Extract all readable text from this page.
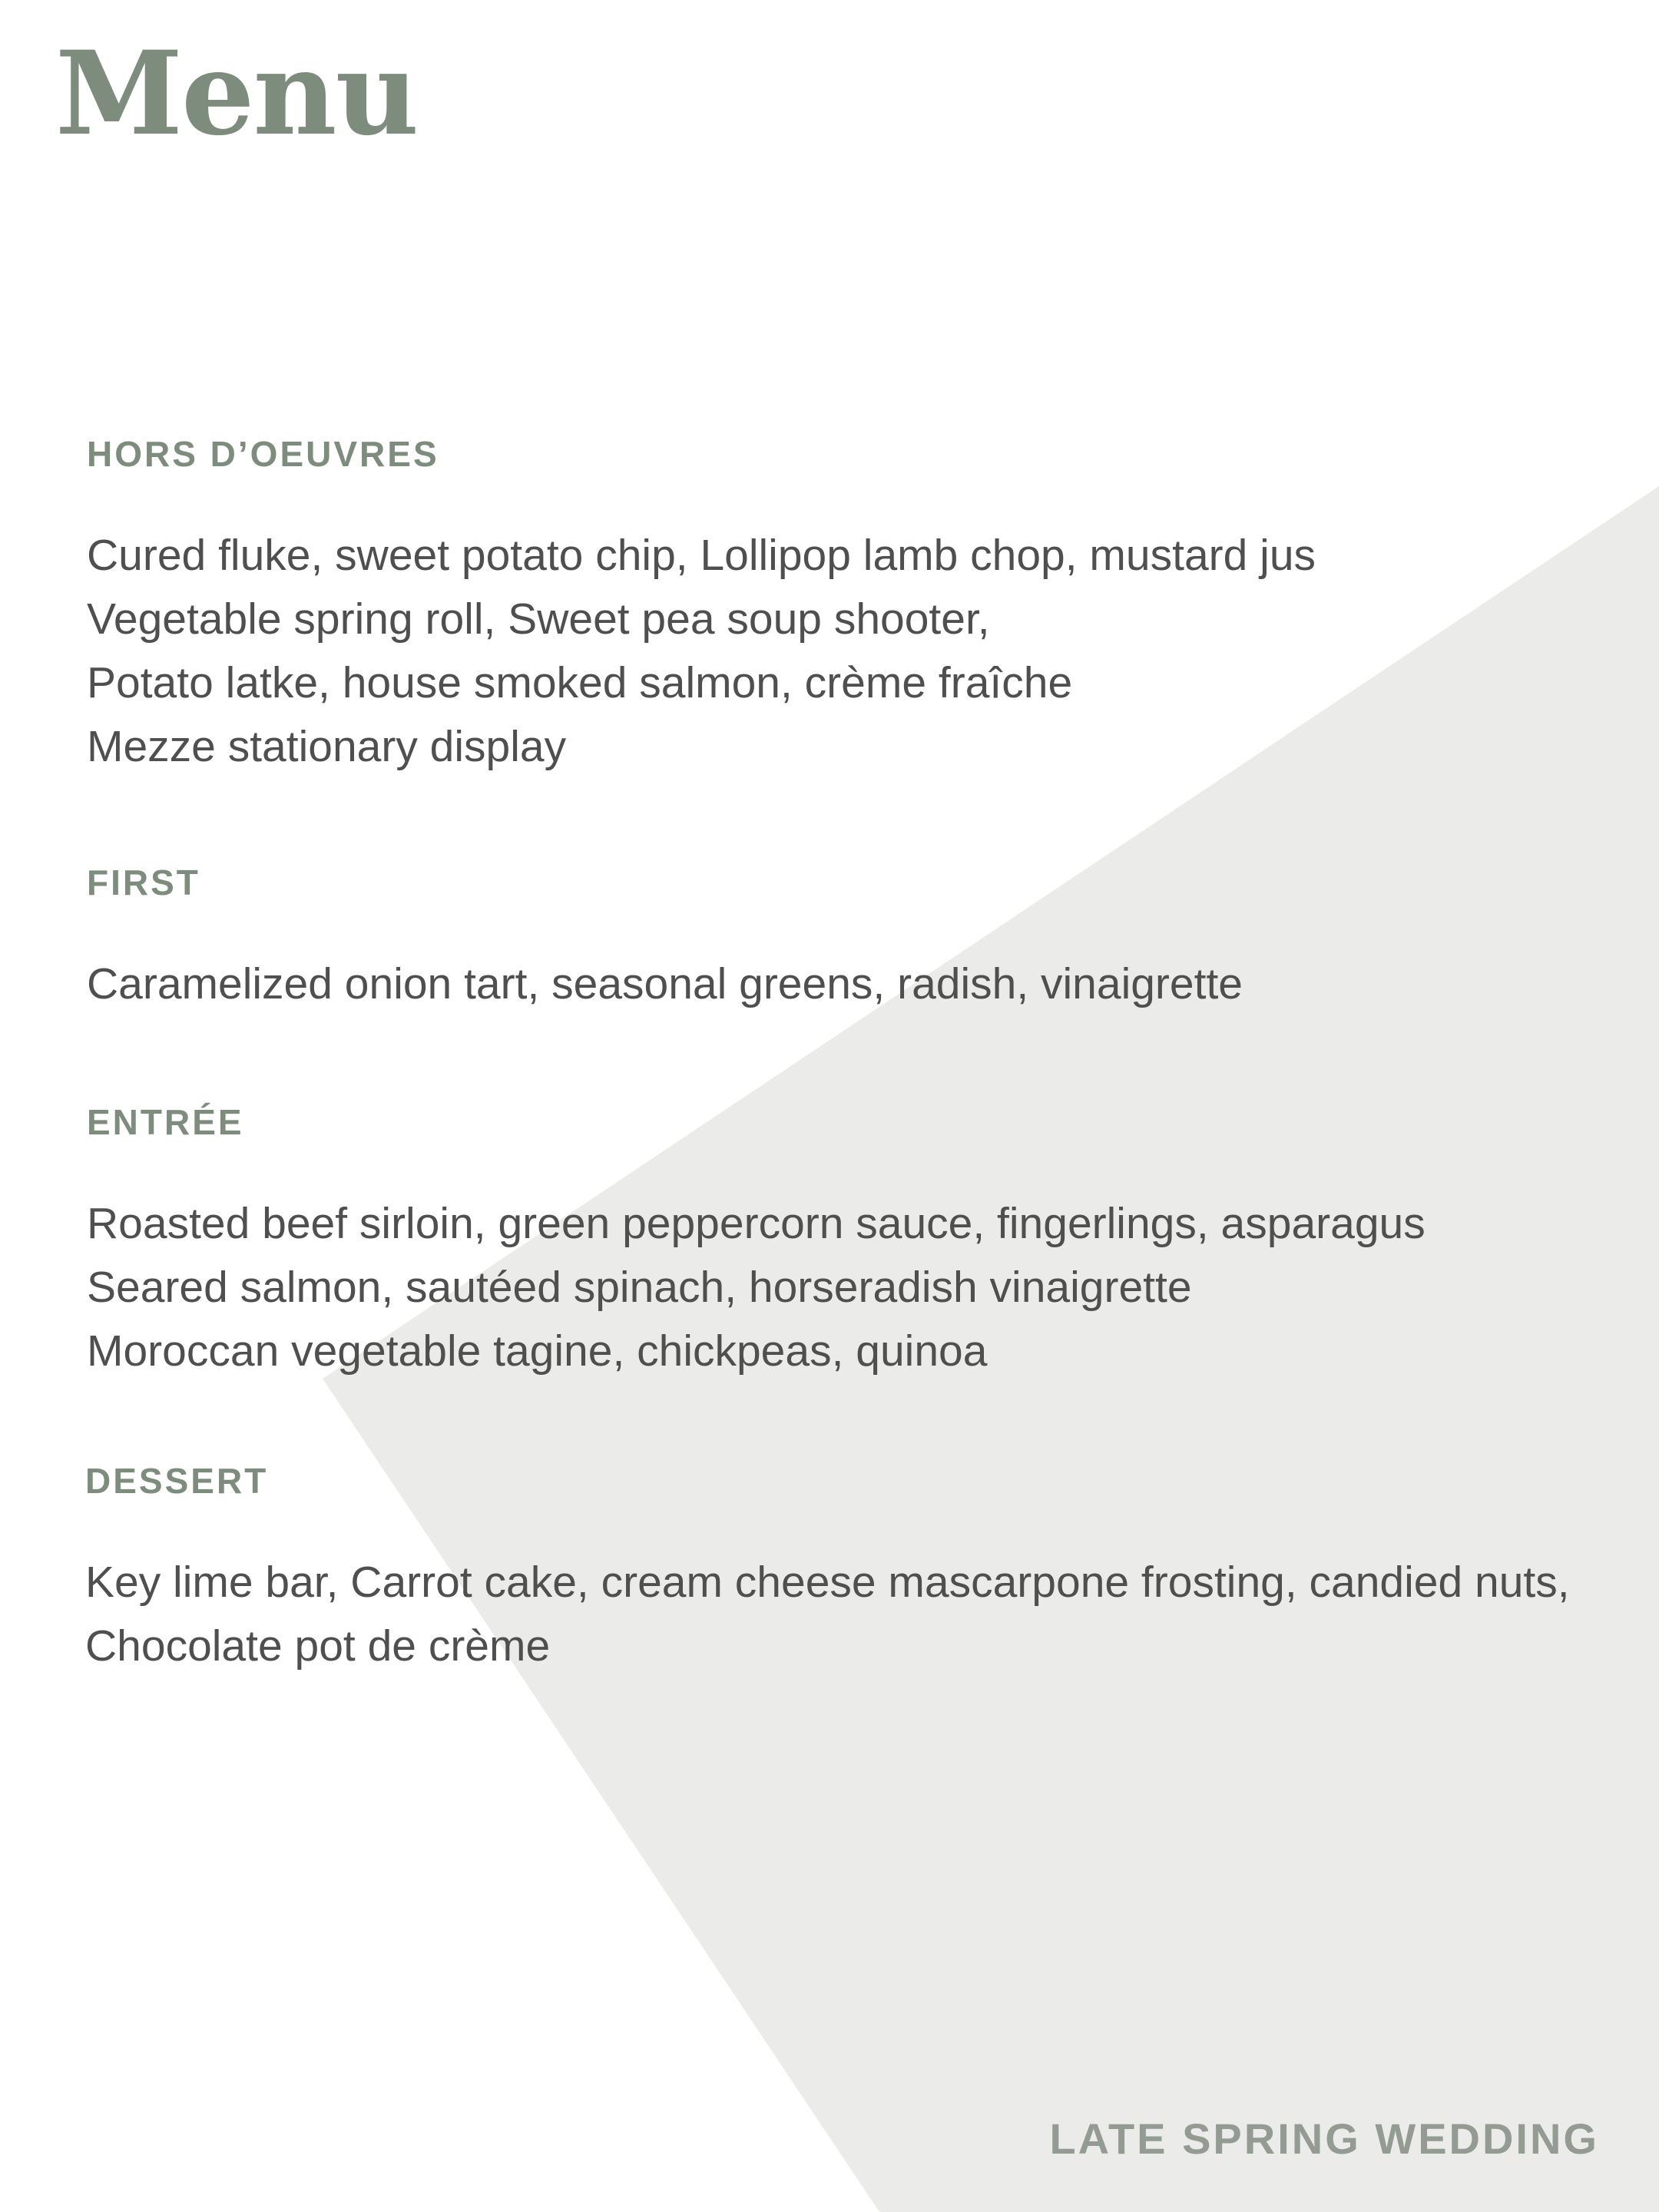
Menu
HORS D’OEUVRES
Cured fluke, sweet potato chip, Lollipop lamb chop, mustard jus
Vegetable spring roll, Sweet pea soup shooter,
Potato latke, house smoked salmon, crème fraîche
Mezze stationary display
FIRST
Caramelized onion tart, seasonal greens, radish, vinaigrette
ENTRÉE
Roasted beef sirloin, green peppercorn sauce, fingerlings, asparagus
Seared salmon, sautéed spinach, horseradish vinaigrette
Moroccan vegetable tagine, chickpeas, quinoa
DESSERT
Key lime bar, Carrot cake, cream cheese mascarpone frosting, candied nuts, Chocolate pot de crème

LATE SPRING WEDDING
